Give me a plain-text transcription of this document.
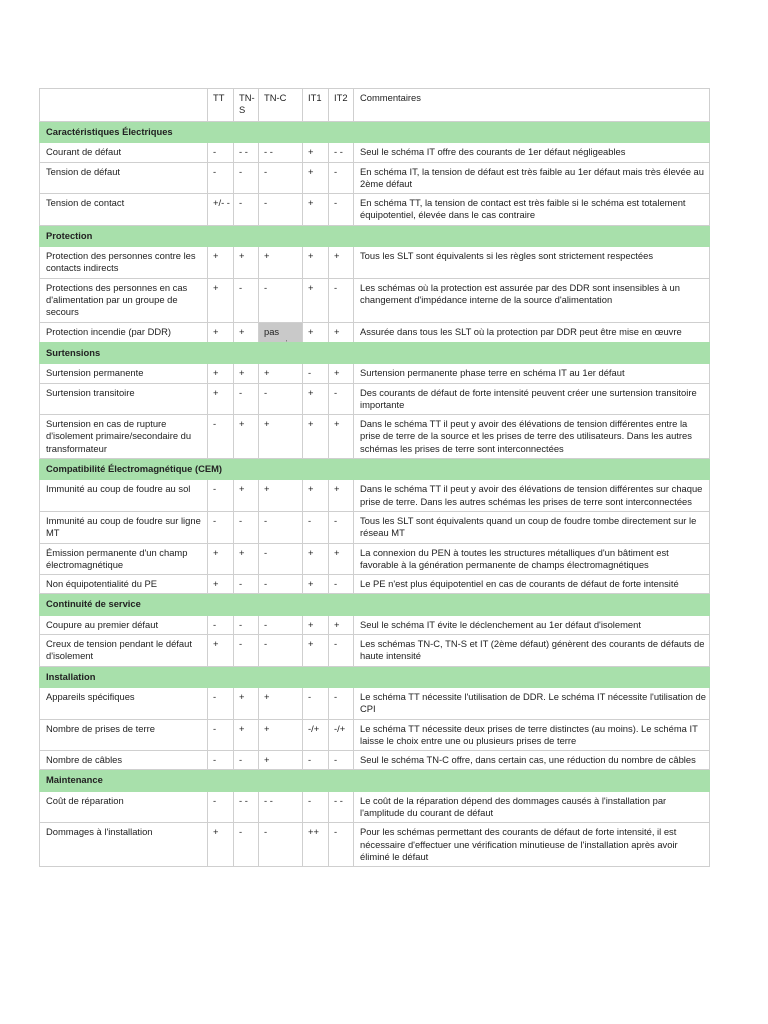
	TT	TN-S	TN-C	IT1	IT2	Commentaires
Caractéristiques Électriques						
Courant de défaut	-	- -	- -	+	- -	Seul le schéma IT offre des courants de 1er défaut négligeables
Tension de défaut	-	-	-	+	-	En schéma IT, la tension de défaut est très faible au 1er défaut mais très élevée au 2ème défaut
Tension de contact	+/- -	-	-	+	-	En schéma TT, la tension de contact est très faible si le schéma est totalement équipotentiel, élevée dans le cas contraire
Protection						
Protection des personnes contre les contacts indirects	+	+	+	+	+	Tous les SLT sont équivalents si les règles sont strictement respectées
Protections des personnes en cas d'alimentation par un groupe de secours	+	-	-	+	-	Les schémas où la protection est assurée par des DDR sont insensibles à un changement d'impédance interne de la source d'alimentation
Protection incendie (par DDR)	+	+	pas	+	+	Assurée dans tous les SLT où la protection par DDR peut être mise en œuvre
Surtensions						
Surtension permanente	+	+	+	-	+	Surtension permanente phase terre en schéma IT au 1er défaut
Surtension transitoire	+	-	-	+	-	Des courants de défaut de forte intensité peuvent créer une surtension transitoire importante
Surtension en cas de rupture d'isolement primaire/secondaire du transformateur	-	+	+	+	+	Dans le schéma TT il peut y avoir des élévations de tension différentes entre la prise de terre de la source et les prises de terre des utilisateurs. Dans les autres schémas les prises de terre sont interconnectées
Compatibilité Électromagnétique (CEM)						
Immunité au coup de foudre au sol	-	+	+	+	+	Dans le schéma TT il peut y avoir des élévations de tension différentes sur chaque prise de terre. Dans les autres schémas les prises de terre sont interconnectées
Immunité au coup de foudre sur ligne MT	-	-	-	-	-	Tous les SLT sont équivalents quand un coup de foudre tombe directement sur le réseau MT
Émission permanente d'un champ électromagnétique	+	+	-	+	+	La connexion du PEN à toutes les structures métalliques d'un bâtiment est favorable à la génération permanente de champs électromagnétiques
Non équipotentialité du PE	+	-	-	+	-	Le PE n'est plus équipotentiel en cas de courants de défaut de forte intensité
Continuité de service						
Coupure au premier défaut	-	-	-	+	+	Seul le schéma IT évite le déclenchement au 1er défaut d'isolement
Creux de tension pendant le défaut d'isolement	+	-	-	+	-	Les schémas TN-C, TN-S et IT (2ème défaut) génèrent des courants de défauts de haute intensité
Installation						
Appareils spécifiques	-	+	+	-	-	Le schéma TT nécessite l'utilisation de DDR. Le schéma IT nécessite l'utilisation de CPI
Nombre de prises de terre	-	+	+	-/+	-/+	Le schéma TT nécessite deux prises de terre distinctes (au moins). Le schéma IT laisse le choix entre une ou plusieurs prises de terre
Nombre de câbles	-	-	+	-	-	Seul le schéma TN-C offre, dans certain cas, une réduction du nombre de câbles
Maintenance						
Coût de réparation	-	- -	- -	-	- -	Le coût de la réparation dépend des dommages causés à l'installation par l'amplitude du courant de défaut
Dommages à l'installation	+	-	-	++	-	Pour les schémas permettant des courants de défaut de forte intensité, il est nécessaire d'effectuer une vérification minutieuse de l'installation après avoir éliminé le défaut
